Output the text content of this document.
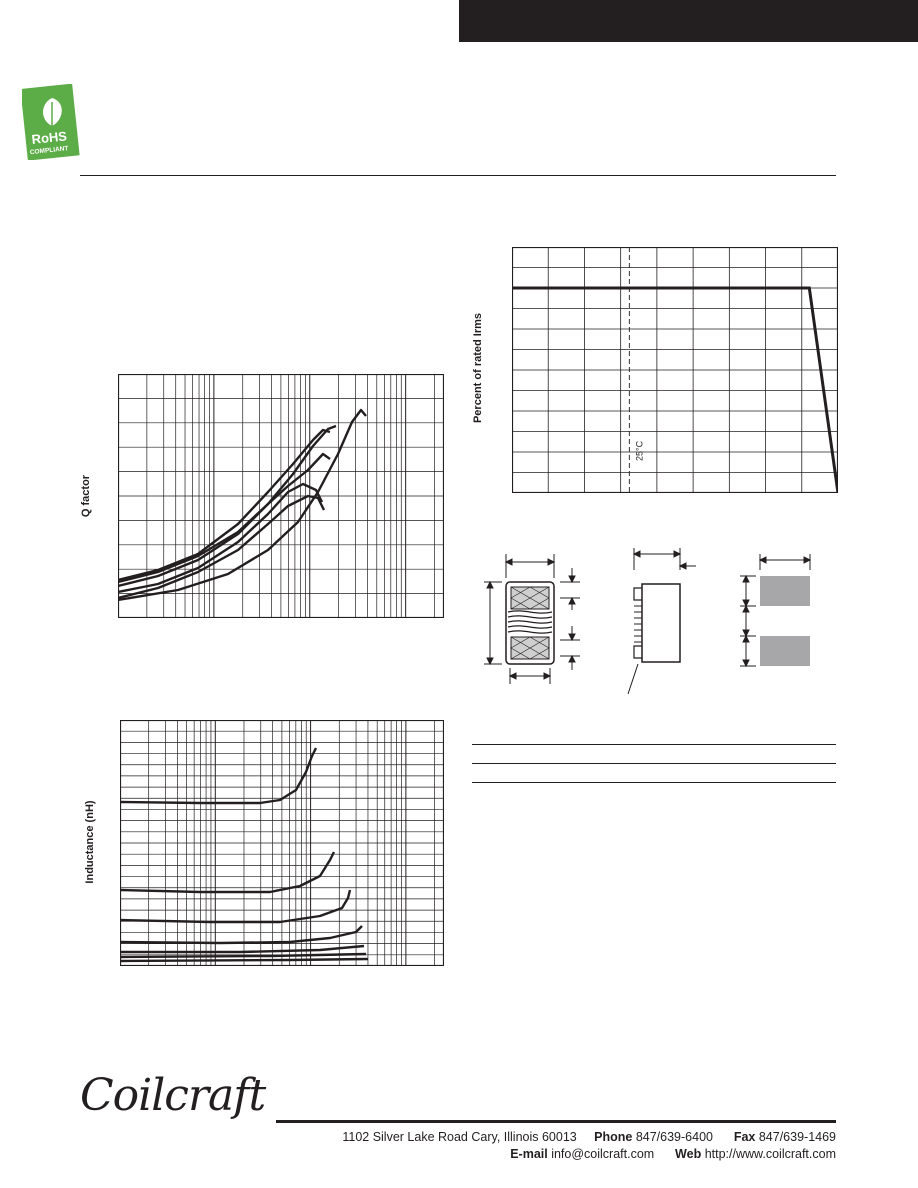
RoHS
COMPLIANT
Q factor
Inductance (nH)
Percent of rated Irms
25°C
Coilcraft
1102 Silver Lake Road Cary, Illinois 60013 Phone 847/639-6400 Fax 847/639-1469
E-mail info@coilcraft.com Web http://www.coilcraft.com
